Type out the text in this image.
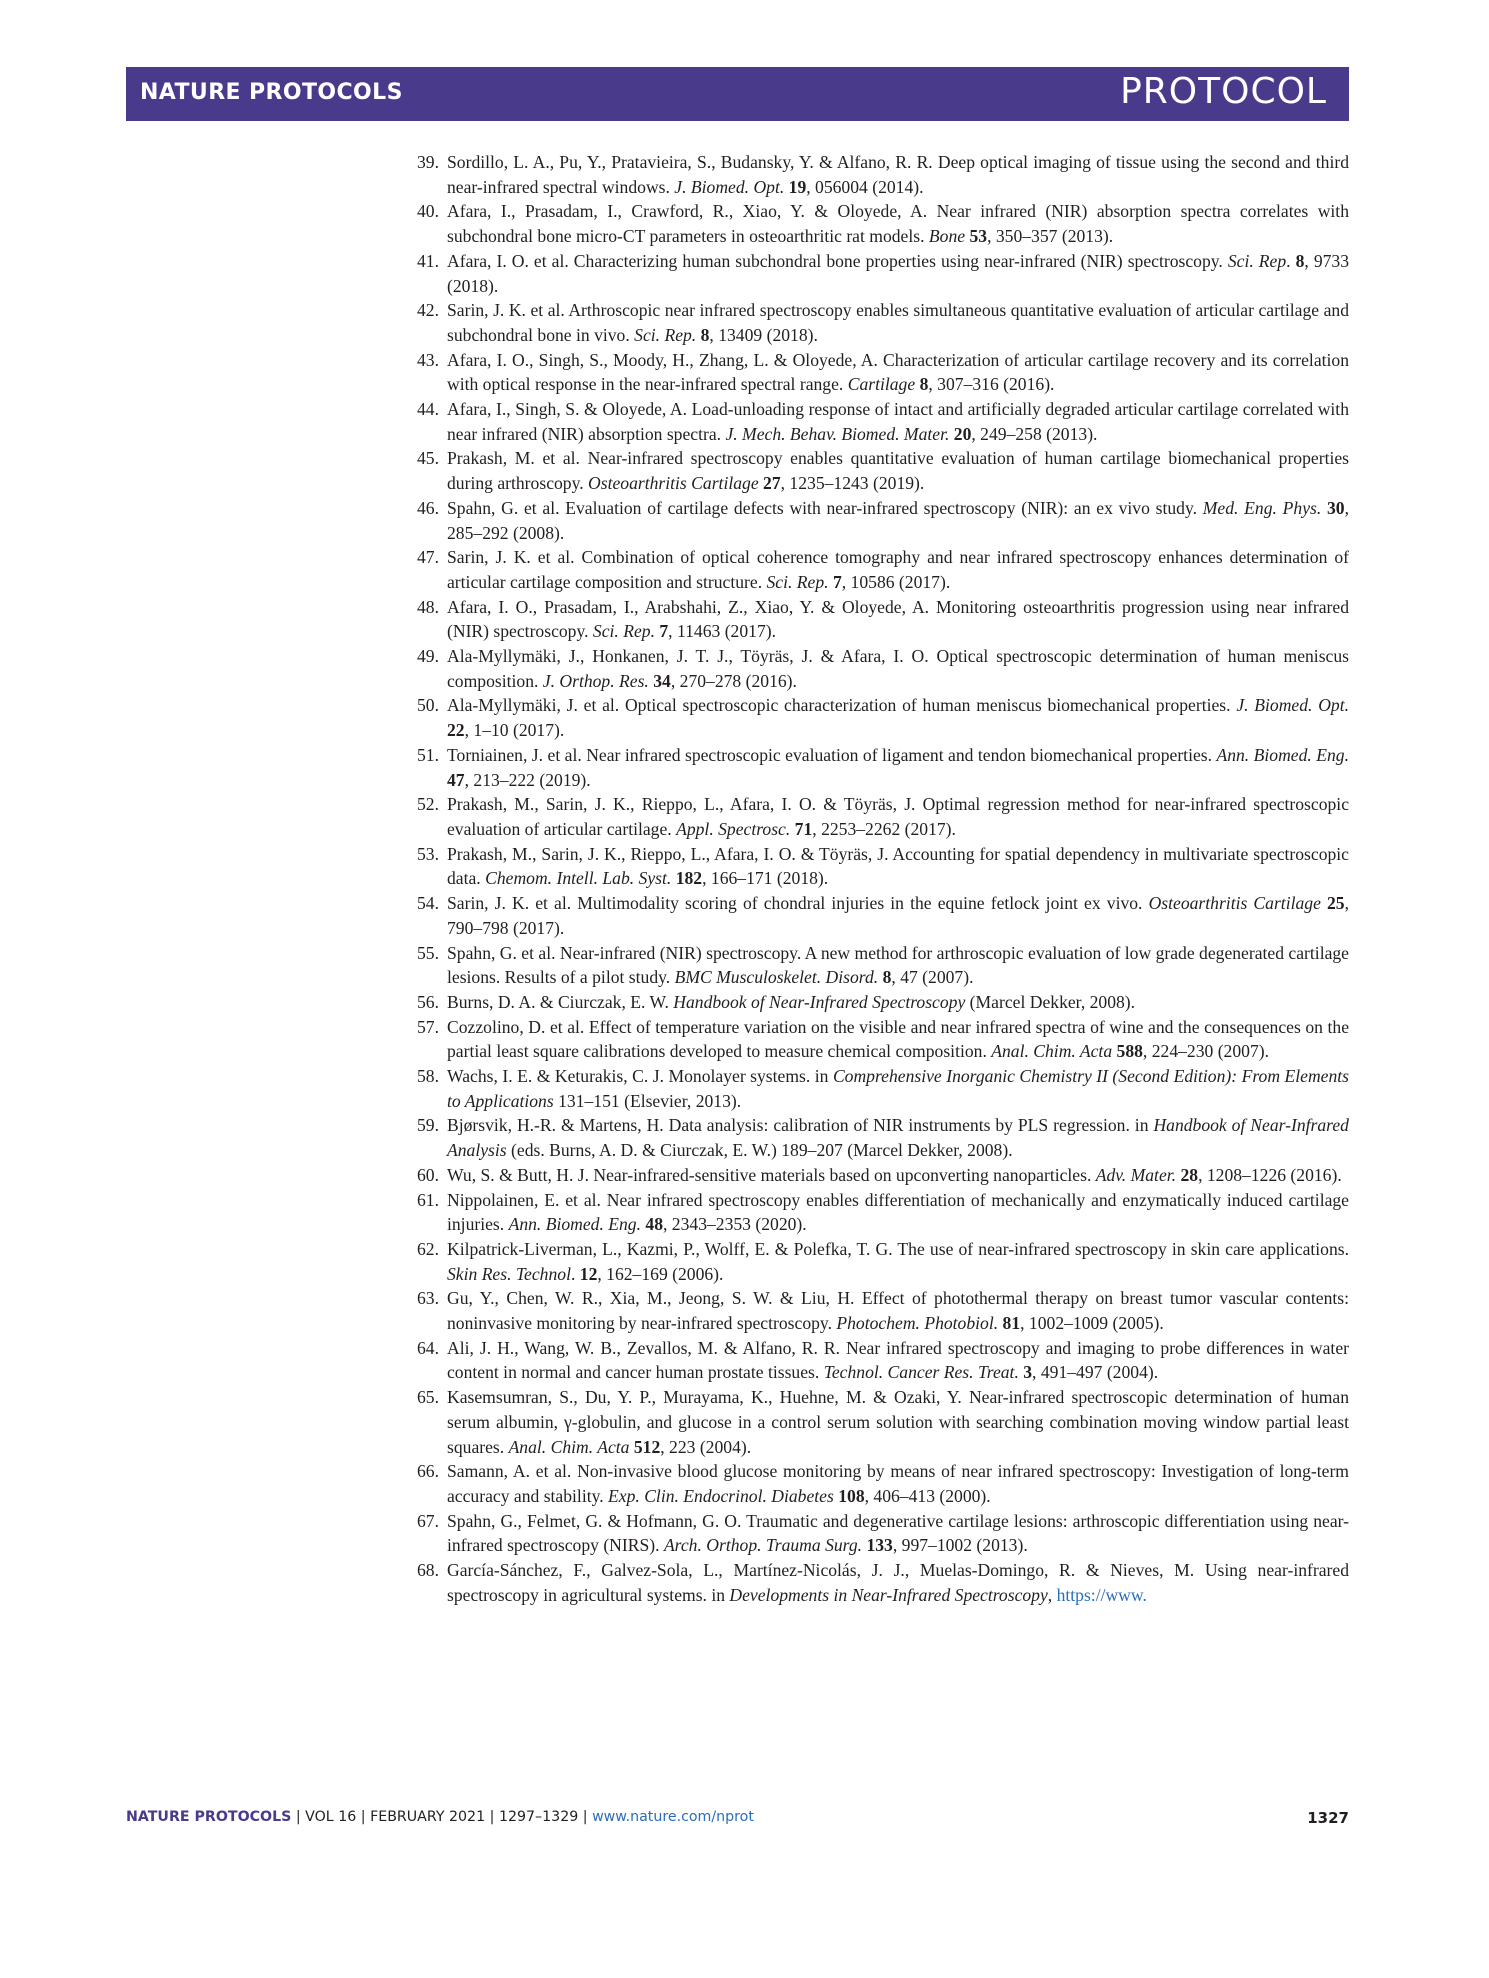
NATURE PROTOCOLS	PROTOCOL
39. Sordillo, L. A., Pu, Y., Pratavieira, S., Budansky, Y. & Alfano, R. R. Deep optical imaging of tissue using the second and third near-infrared spectral windows. J. Biomed. Opt. 19, 056004 (2014).
40. Afara, I., Prasadam, I., Crawford, R., Xiao, Y. & Oloyede, A. Near infrared (NIR) absorption spectra correlates with subchondral bone micro-CT parameters in osteoarthritic rat models. Bone 53, 350–357 (2013).
41. Afara, I. O. et al. Characterizing human subchondral bone properties using near-infrared (NIR) spectroscopy. Sci. Rep. 8, 9733 (2018).
42. Sarin, J. K. et al. Arthroscopic near infrared spectroscopy enables simultaneous quantitative evaluation of articular cartilage and subchondral bone in vivo. Sci. Rep. 8, 13409 (2018).
43. Afara, I. O., Singh, S., Moody, H., Zhang, L. & Oloyede, A. Characterization of articular cartilage recovery and its correlation with optical response in the near-infrared spectral range. Cartilage 8, 307–316 (2016).
44. Afara, I., Singh, S. & Oloyede, A. Load-unloading response of intact and artificially degraded articular cartilage correlated with near infrared (NIR) absorption spectra. J. Mech. Behav. Biomed. Mater. 20, 249–258 (2013).
45. Prakash, M. et al. Near-infrared spectroscopy enables quantitative evaluation of human cartilage biomechanical properties during arthroscopy. Osteoarthritis Cartilage 27, 1235–1243 (2019).
46. Spahn, G. et al. Evaluation of cartilage defects with near-infrared spectroscopy (NIR): an ex vivo study. Med. Eng. Phys. 30, 285–292 (2008).
47. Sarin, J. K. et al. Combination of optical coherence tomography and near infrared spectroscopy enhances determination of articular cartilage composition and structure. Sci. Rep. 7, 10586 (2017).
48. Afara, I. O., Prasadam, I., Arabshahi, Z., Xiao, Y. & Oloyede, A. Monitoring osteoarthritis progression using near infrared (NIR) spectroscopy. Sci. Rep. 7, 11463 (2017).
49. Ala-Myllymäki, J., Honkanen, J. T. J., Töyräs, J. & Afara, I. O. Optical spectroscopic determination of human meniscus composition. J. Orthop. Res. 34, 270–278 (2016).
50. Ala-Myllymäki, J. et al. Optical spectroscopic characterization of human meniscus biomechanical properties. J. Biomed. Opt. 22, 1–10 (2017).
51. Torniainen, J. et al. Near infrared spectroscopic evaluation of ligament and tendon biomechanical properties. Ann. Biomed. Eng. 47, 213–222 (2019).
52. Prakash, M., Sarin, J. K., Rieppo, L., Afara, I. O. & Töyräs, J. Optimal regression method for near-infrared spectroscopic evaluation of articular cartilage. Appl. Spectrosc. 71, 2253–2262 (2017).
53. Prakash, M., Sarin, J. K., Rieppo, L., Afara, I. O. & Töyräs, J. Accounting for spatial dependency in multivariate spectroscopic data. Chemom. Intell. Lab. Syst. 182, 166–171 (2018).
54. Sarin, J. K. et al. Multimodality scoring of chondral injuries in the equine fetlock joint ex vivo. Osteoarthritis Cartilage 25, 790–798 (2017).
55. Spahn, G. et al. Near-infrared (NIR) spectroscopy. A new method for arthroscopic evaluation of low grade degenerated cartilage lesions. Results of a pilot study. BMC Musculoskelet. Disord. 8, 47 (2007).
56. Burns, D. A. & Ciurczak, E. W. Handbook of Near-Infrared Spectroscopy (Marcel Dekker, 2008).
57. Cozzolino, D. et al. Effect of temperature variation on the visible and near infrared spectra of wine and the consequences on the partial least square calibrations developed to measure chemical composition. Anal. Chim. Acta 588, 224–230 (2007).
58. Wachs, I. E. & Keturakis, C. J. Monolayer systems. in Comprehensive Inorganic Chemistry II (Second Edition): From Elements to Applications 131–151 (Elsevier, 2013).
59. Bjørsvik, H.-R. & Martens, H. Data analysis: calibration of NIR instruments by PLS regression. in Handbook of Near-Infrared Analysis (eds. Burns, A. D. & Ciurczak, E. W.) 189–207 (Marcel Dekker, 2008).
60. Wu, S. & Butt, H. J. Near-infrared-sensitive materials based on upconverting nanoparticles. Adv. Mater. 28, 1208–1226 (2016).
61. Nippolainen, E. et al. Near infrared spectroscopy enables differentiation of mechanically and enzymatically induced cartilage injuries. Ann. Biomed. Eng. 48, 2343–2353 (2020).
62. Kilpatrick-Liverman, L., Kazmi, P., Wolff, E. & Polefka, T. G. The use of near-infrared spectroscopy in skin care applications. Skin Res. Technol. 12, 162–169 (2006).
63. Gu, Y., Chen, W. R., Xia, M., Jeong, S. W. & Liu, H. Effect of photothermal therapy on breast tumor vascular contents: noninvasive monitoring by near-infrared spectroscopy. Photochem. Photobiol. 81, 1002–1009 (2005).
64. Ali, J. H., Wang, W. B., Zevallos, M. & Alfano, R. R. Near infrared spectroscopy and imaging to probe differences in water content in normal and cancer human prostate tissues. Technol. Cancer Res. Treat. 3, 491–497 (2004).
65. Kasemsumran, S., Du, Y. P., Murayama, K., Huehne, M. & Ozaki, Y. Near-infrared spectroscopic determination of human serum albumin, γ-globulin, and glucose in a control serum solution with searching combination moving window partial least squares. Anal. Chim. Acta 512, 223 (2004).
66. Samann, A. et al. Non-invasive blood glucose monitoring by means of near infrared spectroscopy: Investigation of long-term accuracy and stability. Exp. Clin. Endocrinol. Diabetes 108, 406–413 (2000).
67. Spahn, G., Felmet, G. & Hofmann, G. O. Traumatic and degenerative cartilage lesions: arthroscopic differentiation using near-infrared spectroscopy (NIRS). Arch. Orthop. Trauma Surg. 133, 997–1002 (2013).
68. García-Sánchez, F., Galvez-Sola, L., Martínez-Nicolás, J. J., Muelas-Domingo, R. & Nieves, M. Using near-infrared spectroscopy in agricultural systems. in Developments in Near-Infrared Spectroscopy, https://www.
NATURE PROTOCOLS | VOL 16 | FEBRUARY 2021 | 1297–1329 | www.nature.com/nprot	1327
